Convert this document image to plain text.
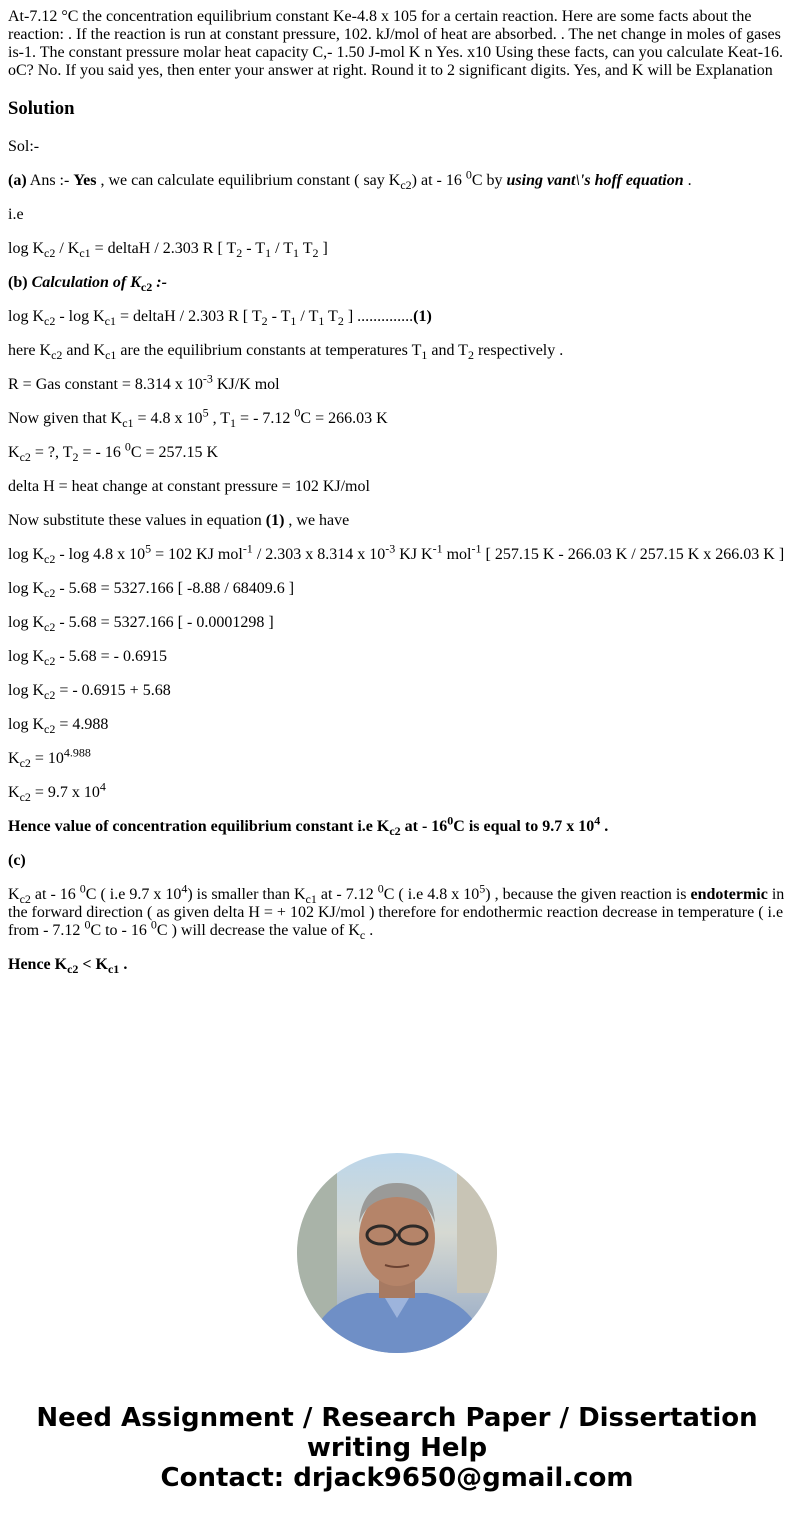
At-7.12 °C the concentration equilibrium constant Ke-4.8 x 105 for a certain reaction. Here are some facts about the reaction: . If the reaction is run at constant pressure, 102. kJ/mol of heat are absorbed. . The net change in moles of gases is-1. The constant pressure molar heat capacity C,- 1.50 J-mol K n Yes. x10 Using these facts, can you calculate Keat-16. oC? No. If you said yes, then enter your answer at right. Round it to 2 significant digits. Yes, and K will be Explanation

Solution

Sol:-

(a) Ans :- Yes , we can calculate equilibrium constant ( say $K_{c2}$) at - 16 $^0$C by using vant\'s hoff equation .

i.e

$\log K_{c2} / K_{c1}$ = deltaH / 2.303 R [ $T_2 - T_1 / T_1$ $T_2$ ]

(b) Calculation of $K_{c2}$ :-

$\log K_{c2}$ - $\log K_{c1}$ = deltaH / 2.303 R [ $T_2 - T_1 / T_1$ $T_2$ ] ..............(1)

here $K_{c2}$ and $K_{c1}$ are the equilibrium constants at temperatures $T_1$ and $T_2$ respectively .

R = Gas constant = 8.314 x $10^{-3}$ KJ/K mol

Now given that $K_{c1} = 4.8$ x $10^5$ , $T_1$ = - 7.12 $^0$C = 266.03 K

$K_{c2}$ = ?, $T_2$ = - 16 $^0$C = 257.15 K

delta H = heat change at constant pressure = 102 KJ/mol

Now substitute these values in equation (1) , we have

$\log K_{c2}$ - log 4.8 x $10^5 = 102$ KJ mol$^{-1}$ / 2.303 x 8.314 x $10^{-3}$ KJ $K^{-1}$ mol$^{-1}$ [ 257.15 K - 266.03 K / 257.15 K x 266.03 K ]

$\log K_{c2} - 5.68 = 5327.166$ [ -8.88 / 68409.6 ]

$\log K_{c2} - 5.68 = 5327.166$ [ - 0.0001298 ]

$\log K_{c2} - 5.68$ = - 0.6915

$\log K_{c2}$ = - 0.6915 + 5.68

$\log K_{c2} = 4.988$

$K_{c2} = 10^{4.988}$

$K_{c2} = 9.7$ x $10^4$

Hence value of concentration equilibrium constant i.e $K_{c2}$ at - $16^0C$ is equal to 9.7 x $10^4$ .

(c)

$K_{c2}$ at - 16 $^0$C ( i.e 9.7 x $10^4$) is smaller than $K_{c1}$ at - 7.12 $^0$C ( i.e 4.8 x $10^5$) , because the given reaction is endotermic in the forward direction ( as given delta H = + 102 KJ/mol ) therefore for endothermic reaction decrease in temperature ( i.e from - 7.12 $^0$C to - 16 $^0$C ) will decrease the value of $K_c$ .

Hence $K_{c2} < K_{c1}$ .

Need Assignment / Research Paper / Dissertation
writing Help
Contact: drjack9650@gmail.com
